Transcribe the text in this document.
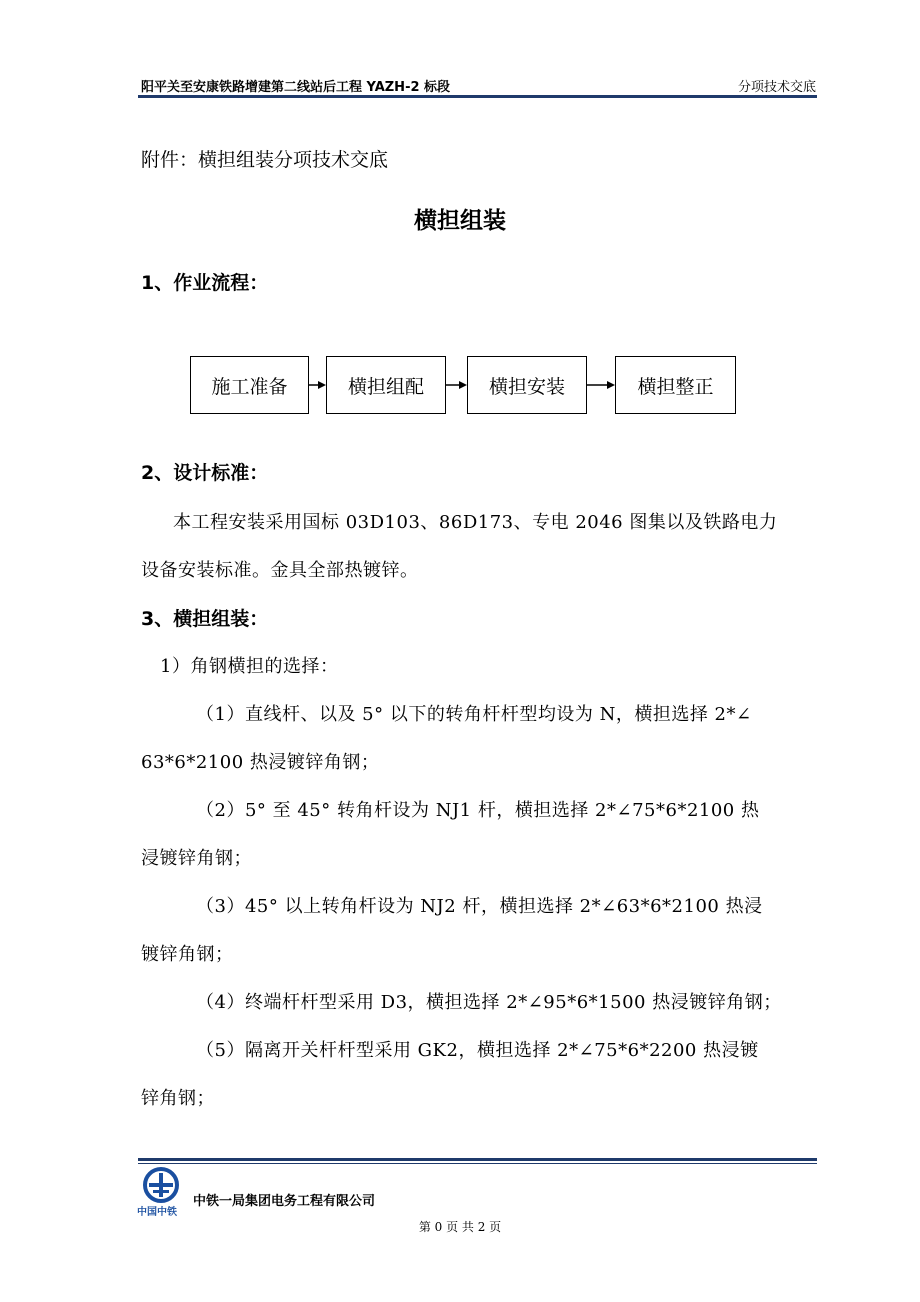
阳平关至安康铁路增建第二线站后工程 YAZH-2 标段	分项技术交底
附件：横担组装分项技术交底
横担组装
1、作业流程：
施工准备	横担组配	横担安装	横担整正
2、设计标准：
本工程安装采用国标 03D103、86D173、专电 2046 图集以及铁路电力
设备安装标准。金具全部热镀锌。
3、横担组装：
1）角钢横担的选择：
（1）直线杆、以及 5° 以下的转角杆杆型均设为 N，横担选择 2*∠
63*6*2100 热浸镀锌角钢；
（2）5° 至 45° 转角杆设为 NJ1 杆，横担选择 2*∠75*6*2100 热
浸镀锌角钢；
（3）45° 以上转角杆设为 NJ2 杆，横担选择 2*∠63*6*2100 热浸
镀锌角钢；
（4）终端杆杆型采用 D3，横担选择 2*∠95*6*1500 热浸镀锌角钢；
（5）隔离开关杆杆型采用 GK2，横担选择 2*∠75*6*2200 热浸镀
锌角钢；
中国中铁
中铁一局集团电务工程有限公司
第 0 页 共 2 页
